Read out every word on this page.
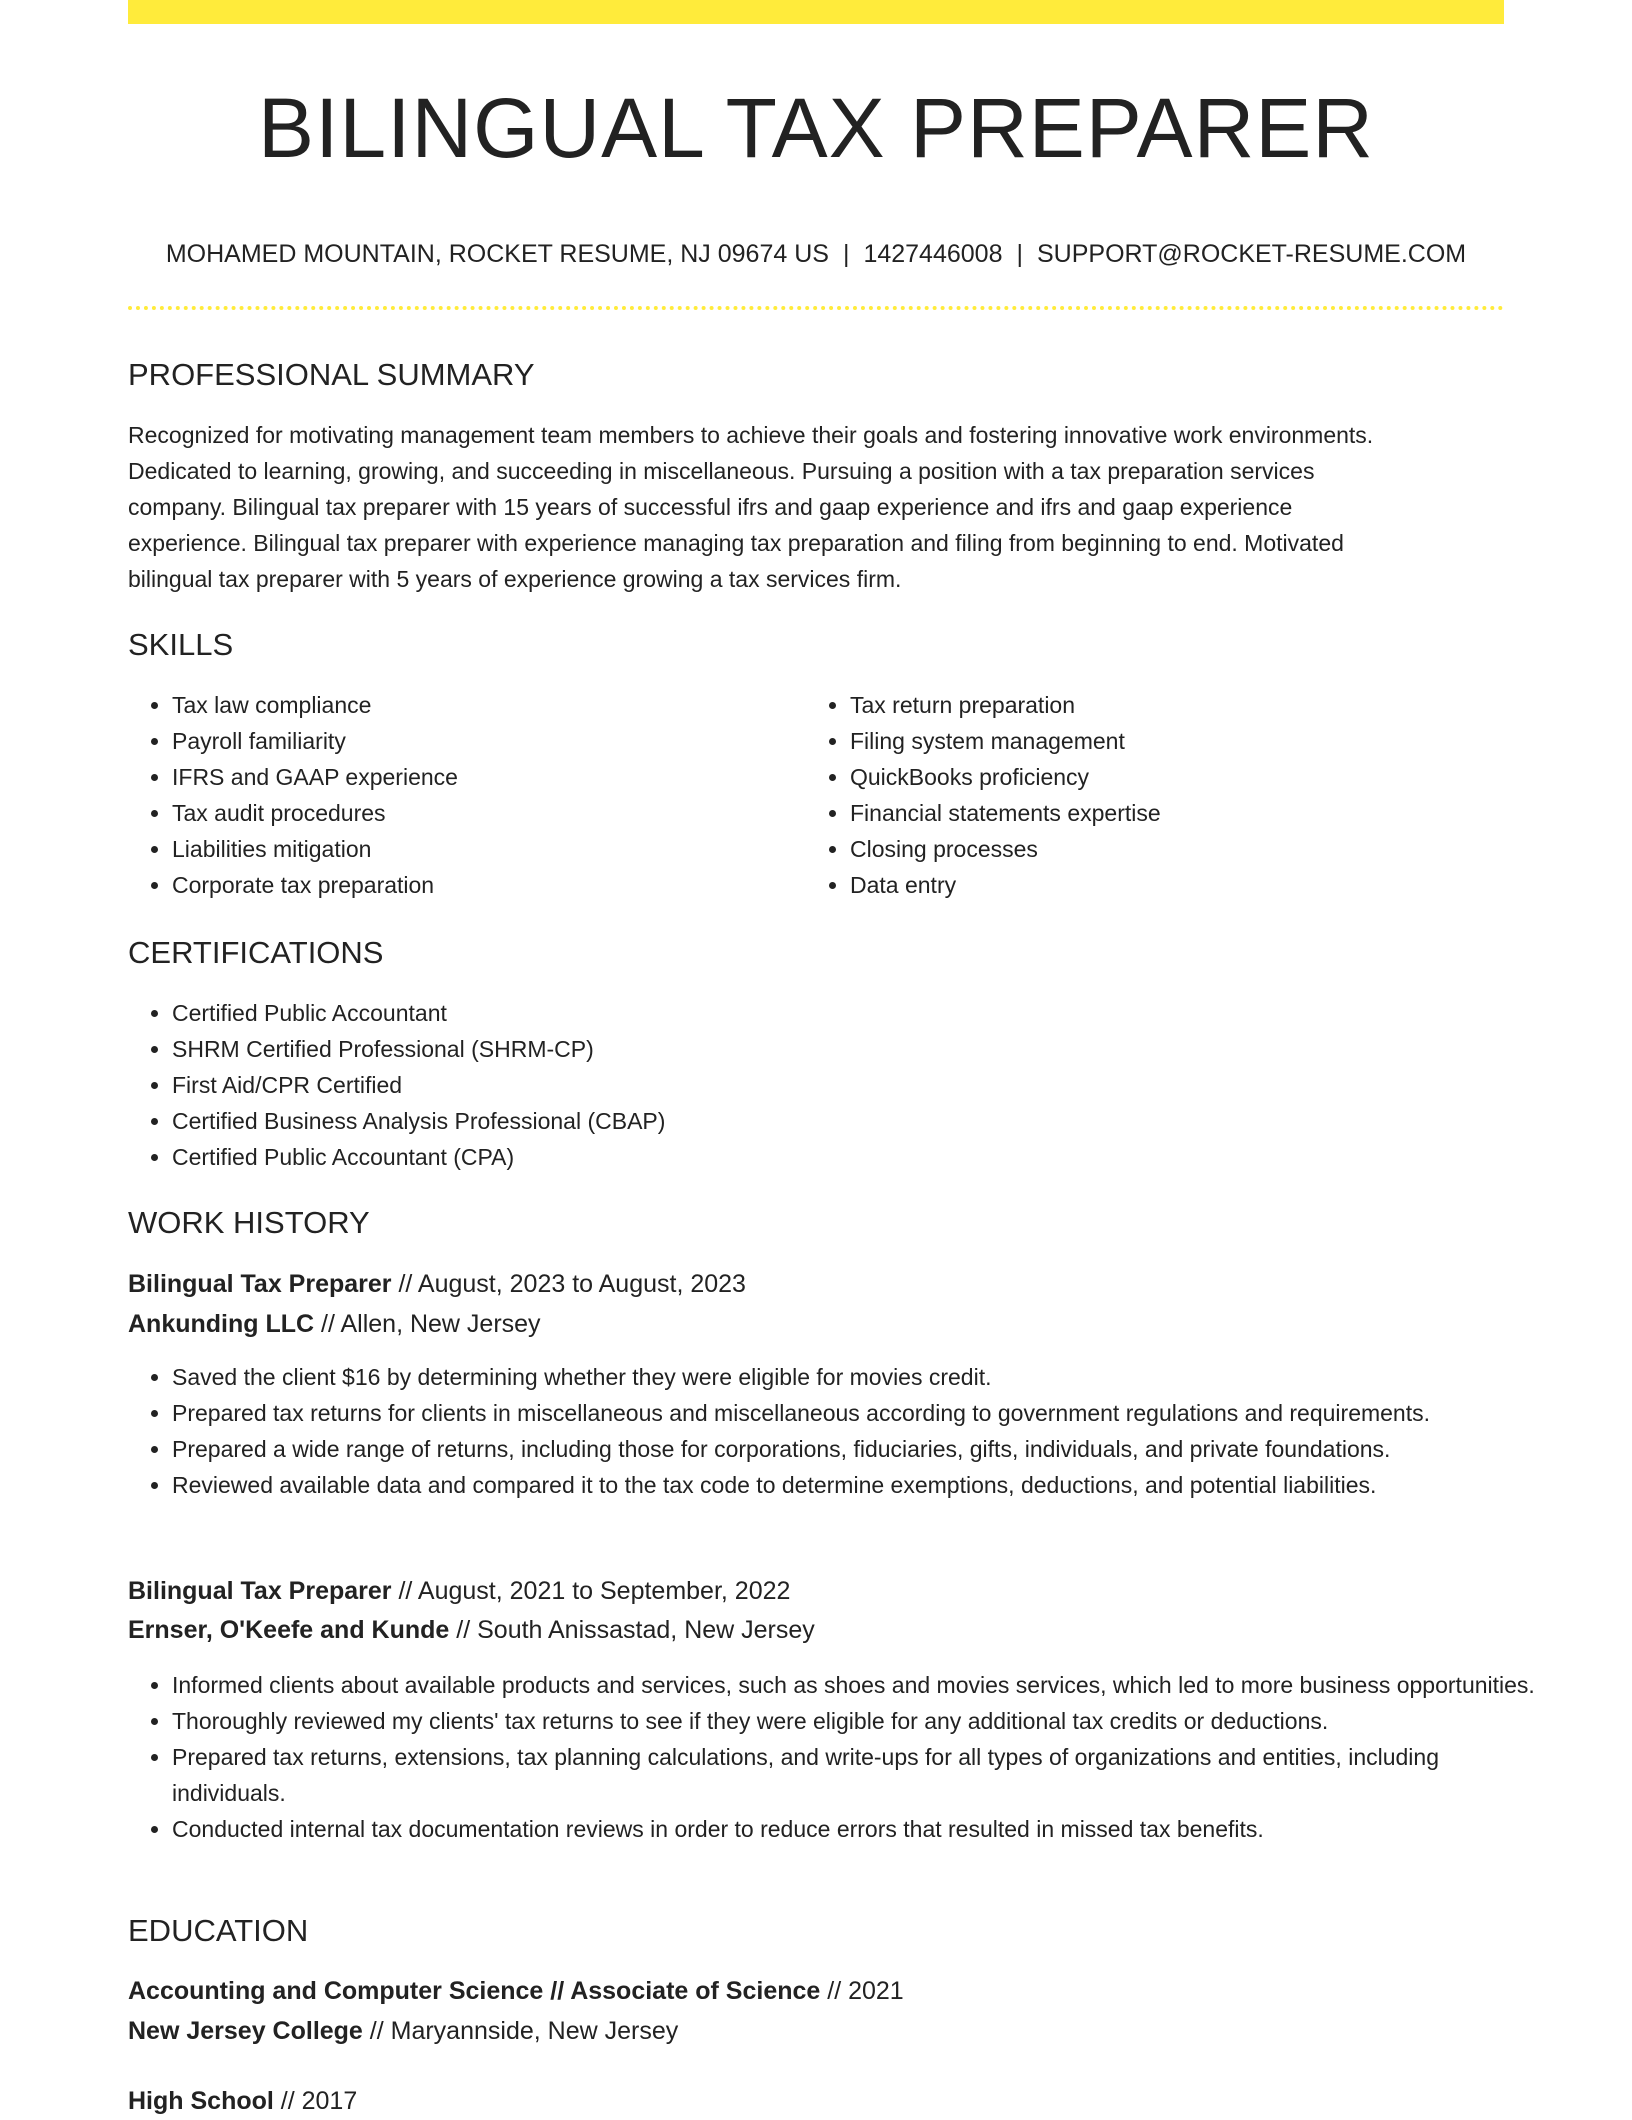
BILINGUAL TAX PREPARER
MOHAMED MOUNTAIN, ROCKET RESUME, NJ 09674 US | 1427446008 | SUPPORT@ROCKET-RESUME.COM
PROFESSIONAL SUMMARY
Recognized for motivating management team members to achieve their goals and fostering innovative work environments.
Dedicated to learning, growing, and succeeding in miscellaneous. Pursuing a position with a tax preparation services
company. Bilingual tax preparer with 15 years of successful ifrs and gaap experience and ifrs and gaap experience
experience. Bilingual tax preparer with experience managing tax preparation and filing from beginning to end. Motivated
bilingual tax preparer with 5 years of experience growing a tax services firm.
SKILLS
• Tax law compliance
• Payroll familiarity
• IFRS and GAAP experience
• Tax audit procedures
• Liabilities mitigation
• Corporate tax preparation
• Tax return preparation
• Filing system management
• QuickBooks proficiency
• Financial statements expertise
• Closing processes
• Data entry
CERTIFICATIONS
• Certified Public Accountant
• SHRM Certified Professional (SHRM-CP)
• First Aid/CPR Certified
• Certified Business Analysis Professional (CBAP)
• Certified Public Accountant (CPA)
WORK HISTORY
Bilingual Tax Preparer // August, 2023 to August, 2023
Ankunding LLC // Allen, New Jersey
• Saved the client $16 by determining whether they were eligible for movies credit.
• Prepared tax returns for clients in miscellaneous and miscellaneous according to government regulations and requirements.
• Prepared a wide range of returns, including those for corporations, fiduciaries, gifts, individuals, and private foundations.
• Reviewed available data and compared it to the tax code to determine exemptions, deductions, and potential liabilities.
Bilingual Tax Preparer // August, 2021 to September, 2022
Ernser, O'Keefe and Kunde // South Anissastad, New Jersey
• Informed clients about available products and services, such as shoes and movies services, which led to more business opportunities.
• Thoroughly reviewed my clients' tax returns to see if they were eligible for any additional tax credits or deductions.
• Prepared tax returns, extensions, tax planning calculations, and write-ups for all types of organizations and entities, including individuals.
• Conducted internal tax documentation reviews in order to reduce errors that resulted in missed tax benefits.
EDUCATION
Accounting and Computer Science // Associate of Science // 2021
New Jersey College // Maryannside, New Jersey
High School // 2017
